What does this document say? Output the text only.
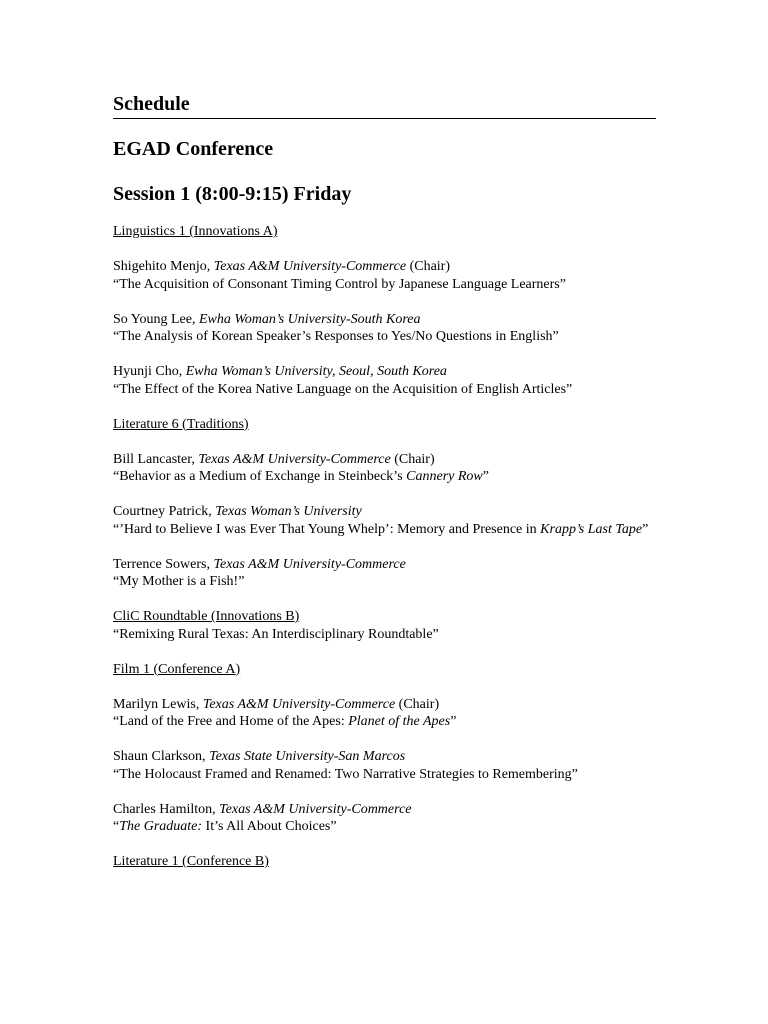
Schedule
EGAD Conference
Session 1 (8:00-9:15) Friday
Linguistics 1 (Innovations A)

Shigehito Menjo, Texas A&M University-Commerce (Chair)

“The Acquisition of Consonant Timing Control by Japanese Language Learners”

So Young Lee, Ewha Woman’s University-South Korea

“The Analysis of Korean Speaker’s Responses to Yes/No Questions in English”

Hyunji Cho, Ewha Woman’s University, Seoul, South Korea

“The Effect of the Korea Native Language on the Acquisition of English Articles”

Literature 6 (Traditions)

Bill Lancaster, Texas A&M University-Commerce (Chair)

“Behavior as a Medium of Exchange in Steinbeck’s Cannery Row”

Courtney Patrick, Texas Woman’s University

“’Hard to Believe I was Ever That Young Whelp’: Memory and Presence in Krapp’s Last Tape”

Terrence Sowers, Texas A&M University-Commerce

“My Mother is a Fish!”

CliC Roundtable (Innovations B)

“Remixing Rural Texas: An Interdisciplinary Roundtable”

Film 1 (Conference A)

Marilyn Lewis, Texas A&M University-Commerce (Chair)

“Land of the Free and Home of the Apes: Planet of the Apes”

Shaun Clarkson, Texas State University-San Marcos

“The Holocaust Framed and Renamed: Two Narrative Strategies to Remembering”

Charles Hamilton, Texas A&M University-Commerce

“The Graduate: It’s All About Choices”

Literature 1 (Conference B)
